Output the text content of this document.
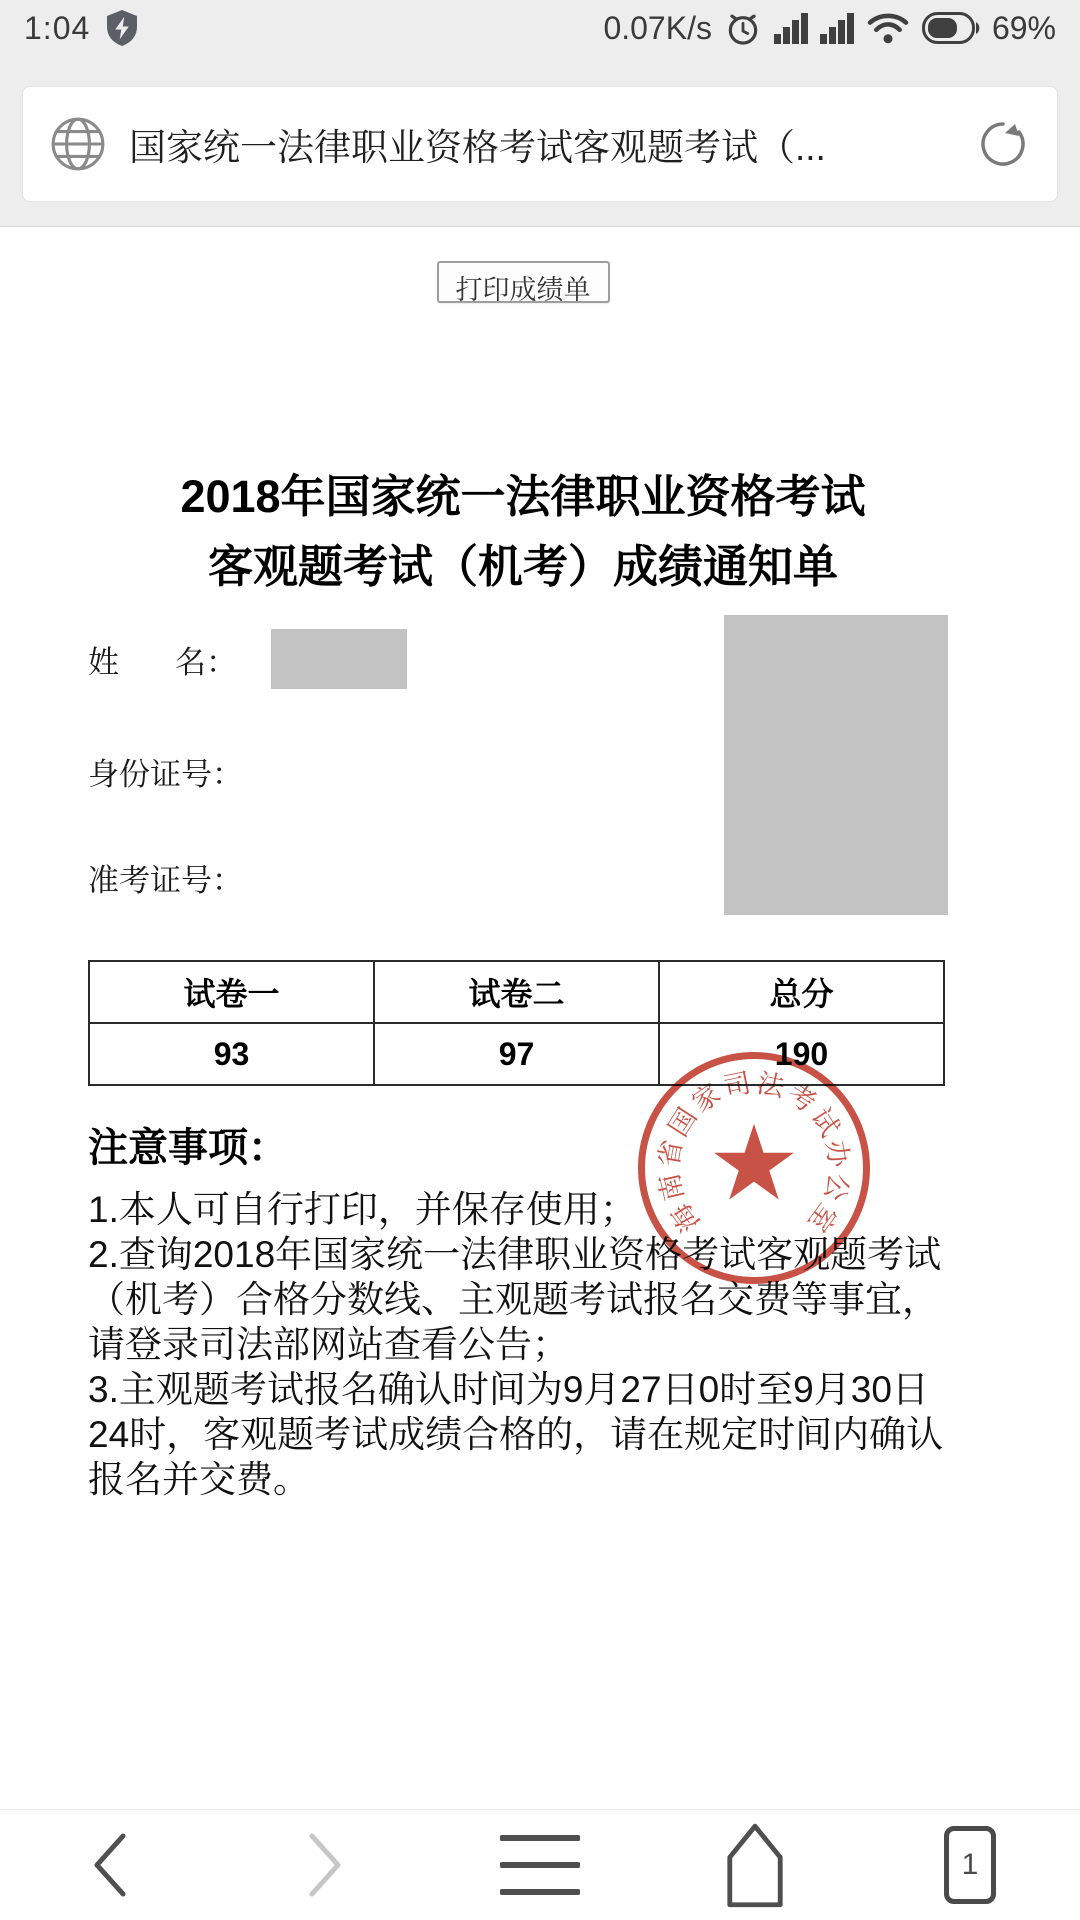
1:04	0.07K/s	69%
国家统一法律职业资格考试客观题考试（...
打印成绩单
2018年国家统一法律职业资格考试
客观题考试（机考）成绩通知单
姓 名：
身份证号：
准考证号：
试卷一	试卷二	总分
93	97	190
海
南
省
国
家
司 法
考
试
办
公
室
★
注意事项：

1.本人可自行打印，并保存使用；

2.查询2018年国家统一法律职业资格考试客观题考试（机考）合格分数线、主观题考试报名交费等事宜，请登录司法部网站查看公告；

3.主观题考试报名确认时间为9月27日0时至9月30日24时，客观题考试成绩合格的，请在规定时间内确认报名并交费。

1
